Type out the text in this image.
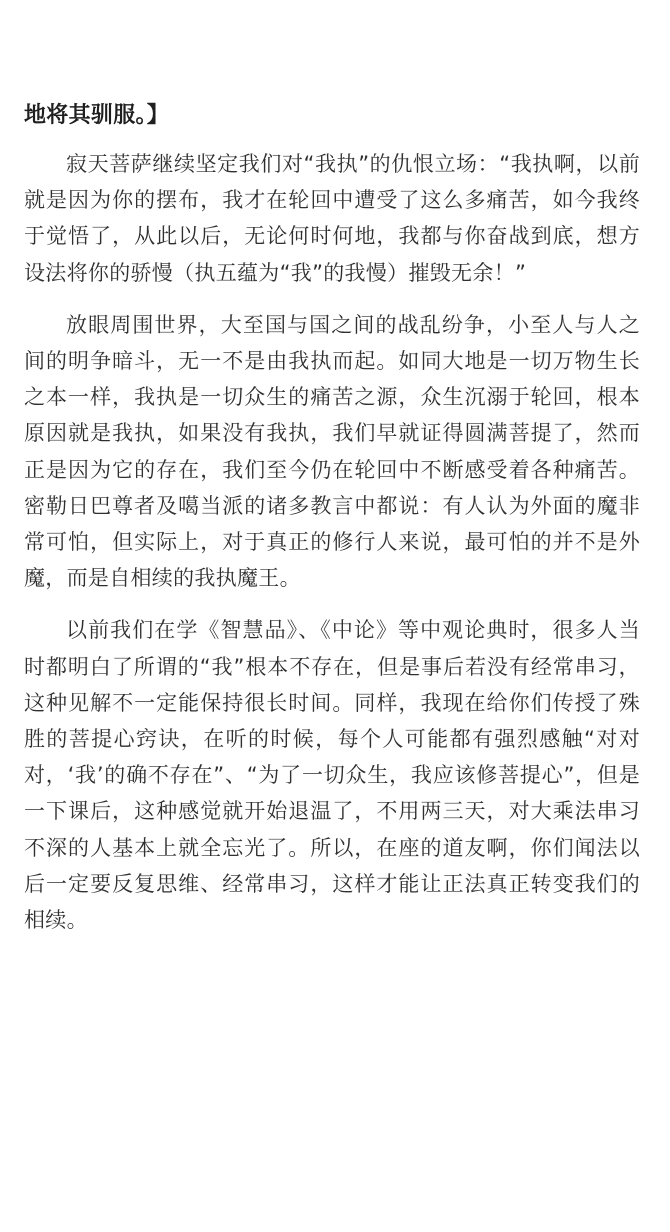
地将其驯服。】

寂天菩萨继续坚定我们对“我执”的仇恨立场：“我执啊，以前就是因为你的摆布，我才在轮回中遭受了这么多痛苦，如今我终于觉悟了，从此以后，无论何时何地，我都与你奋战到底，想方设法将你的骄慢（执五蕴为“我”的我慢）摧毁无余！”

放眼周围世界，大至国与国之间的战乱纷争，小至人与人之间的明争暗斗，无一不是由我执而起。如同大地是一切万物生长之本一样，我执是一切众生的痛苦之源，众生沉溺于轮回，根本原因就是我执，如果没有我执，我们早就证得圆满菩提了，然而正是因为它的存在，我们至今仍在轮回中不断感受着各种痛苦。密勒日巴尊者及噶当派的诸多教言中都说：有人认为外面的魔非常可怕，但实际上，对于真正的修行人来说，最可怕的并不是外魔，而是自相续的我执魔王。

以前我们在学《智慧品》、《中论》等中观论典时，很多人当时都明白了所谓的“我”根本不存在，但是事后若没有经常串习，这种见解不一定能保持很长时间。同样，我现在给你们传授了殊胜的菩提心窍诀，在听的时候，每个人可能都有强烈感触“对对对，‘我’的确不存在”、“为了一切众生，我应该修菩提心”，但是一下课后，这种感觉就开始退温了，不用两三天，对大乘法串习不深的人基本上就全忘光了。所以，在座的道友啊，你们闻法以后一定要反复思维、经常串习，这样才能让正法真正转变我们的相续。
